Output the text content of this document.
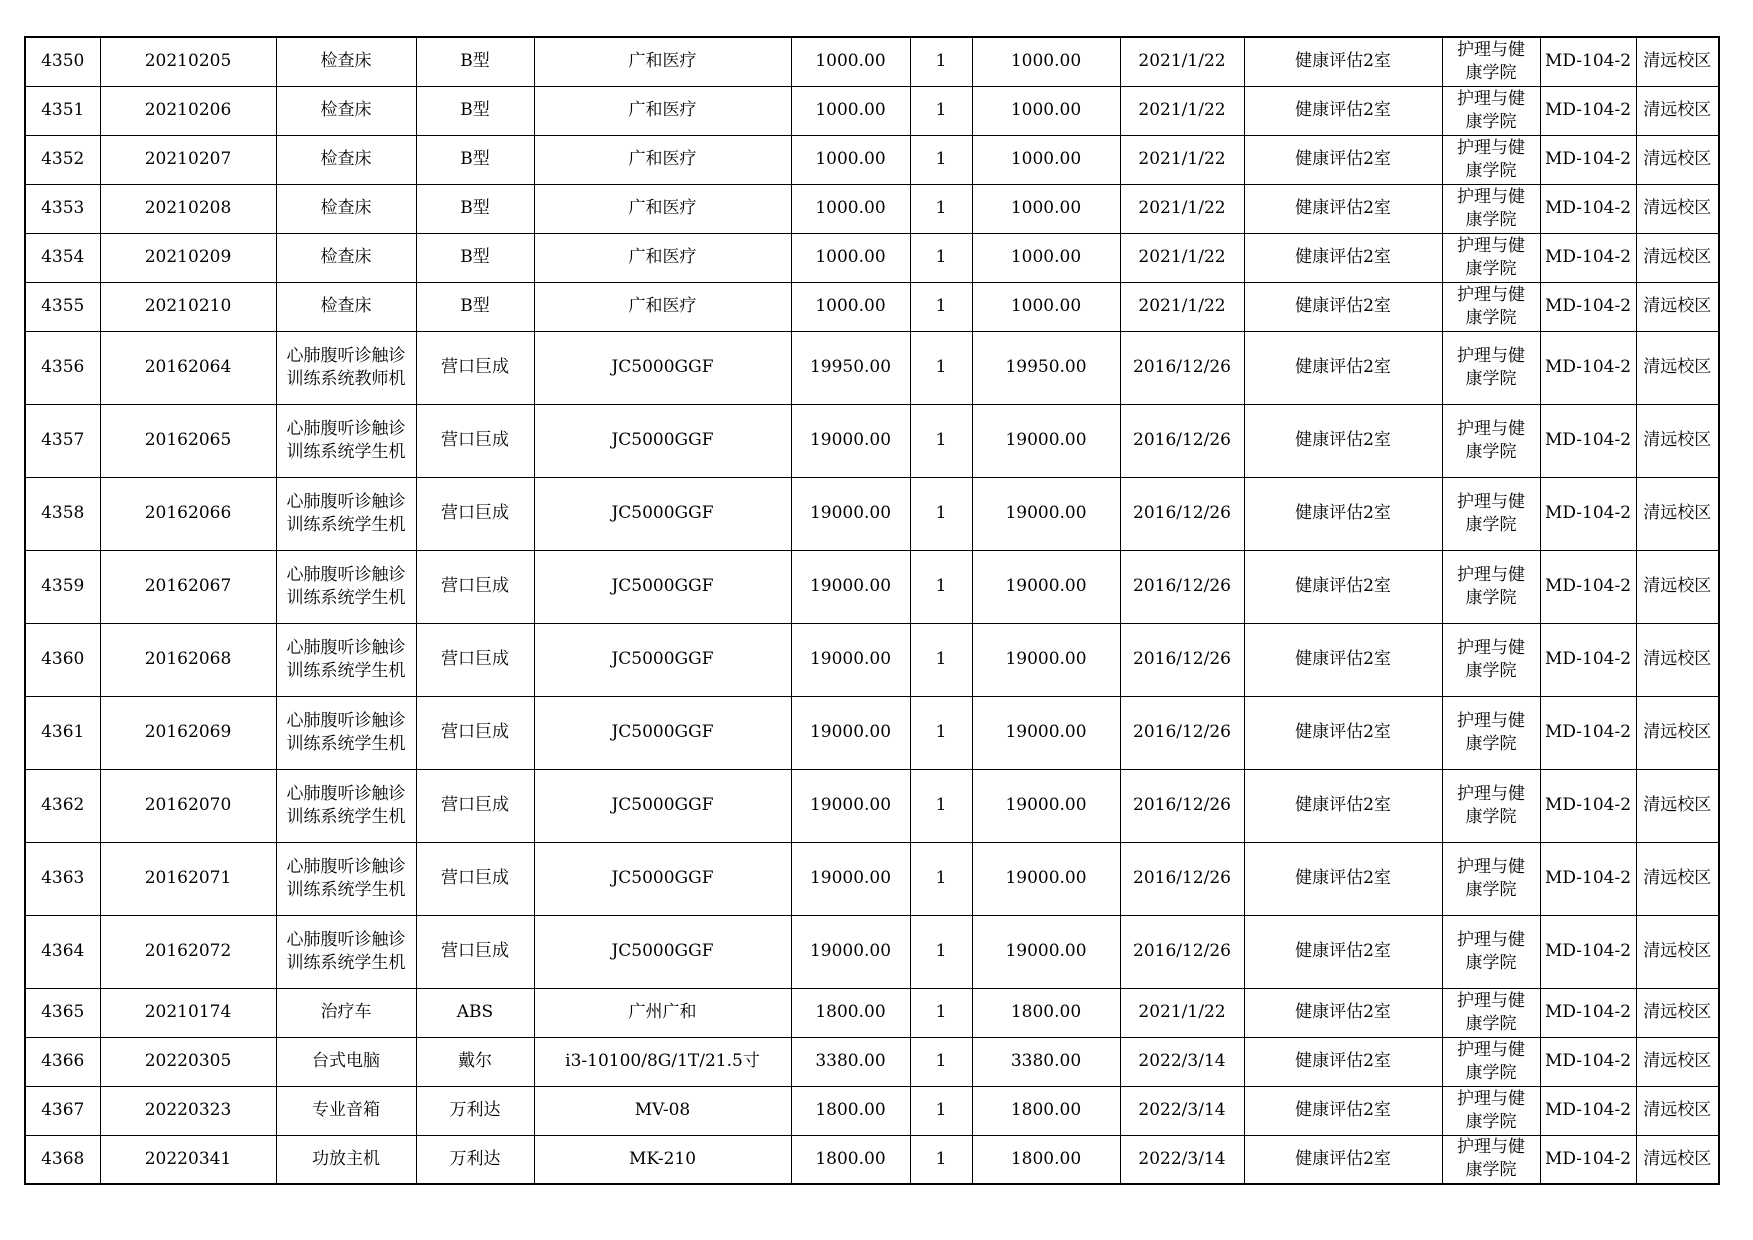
4350	20210205	检查床	B型	广和医疗	1000.00	1	1000.00	2021/1/22	健康评估2室	护理与健康学院	MD-104-2	清远校区
4351	20210206	检查床	B型	广和医疗	1000.00	1	1000.00	2021/1/22	健康评估2室	护理与健康学院	MD-104-2	清远校区
4352	20210207	检查床	B型	广和医疗	1000.00	1	1000.00	2021/1/22	健康评估2室	护理与健康学院	MD-104-2	清远校区
4353	20210208	检查床	B型	广和医疗	1000.00	1	1000.00	2021/1/22	健康评估2室	护理与健康学院	MD-104-2	清远校区
4354	20210209	检查床	B型	广和医疗	1000.00	1	1000.00	2021/1/22	健康评估2室	护理与健康学院	MD-104-2	清远校区
4355	20210210	检查床	B型	广和医疗	1000.00	1	1000.00	2021/1/22	健康评估2室	护理与健康学院	MD-104-2	清远校区
4356	20162064	心肺腹听诊触诊训练系统教师机	营口巨成	JC5000GGF	19950.00	1	19950.00	2016/12/26	健康评估2室	护理与健康学院	MD-104-2	清远校区
4357	20162065	心肺腹听诊触诊训练系统学生机	营口巨成	JC5000GGF	19000.00	1	19000.00	2016/12/26	健康评估2室	护理与健康学院	MD-104-2	清远校区
4358	20162066	心肺腹听诊触诊训练系统学生机	营口巨成	JC5000GGF	19000.00	1	19000.00	2016/12/26	健康评估2室	护理与健康学院	MD-104-2	清远校区
4359	20162067	心肺腹听诊触诊训练系统学生机	营口巨成	JC5000GGF	19000.00	1	19000.00	2016/12/26	健康评估2室	护理与健康学院	MD-104-2	清远校区
4360	20162068	心肺腹听诊触诊训练系统学生机	营口巨成	JC5000GGF	19000.00	1	19000.00	2016/12/26	健康评估2室	护理与健康学院	MD-104-2	清远校区
4361	20162069	心肺腹听诊触诊训练系统学生机	营口巨成	JC5000GGF	19000.00	1	19000.00	2016/12/26	健康评估2室	护理与健康学院	MD-104-2	清远校区
4362	20162070	心肺腹听诊触诊训练系统学生机	营口巨成	JC5000GGF	19000.00	1	19000.00	2016/12/26	健康评估2室	护理与健康学院	MD-104-2	清远校区
4363	20162071	心肺腹听诊触诊训练系统学生机	营口巨成	JC5000GGF	19000.00	1	19000.00	2016/12/26	健康评估2室	护理与健康学院	MD-104-2	清远校区
4364	20162072	心肺腹听诊触诊训练系统学生机	营口巨成	JC5000GGF	19000.00	1	19000.00	2016/12/26	健康评估2室	护理与健康学院	MD-104-2	清远校区
4365	20210174	治疗车	ABS	广州广和	1800.00	1	1800.00	2021/1/22	健康评估2室	护理与健康学院	MD-104-2	清远校区
4366	20220305	台式电脑	戴尔	i3-10100/8G/1T/21.5寸	3380.00	1	3380.00	2022/3/14	健康评估2室	护理与健康学院	MD-104-2	清远校区
4367	20220323	专业音箱	万利达	MV-08	1800.00	1	1800.00	2022/3/14	健康评估2室	护理与健康学院	MD-104-2	清远校区
4368	20220341	功放主机	万利达	MK-210	1800.00	1	1800.00	2022/3/14	健康评估2室	护理与健康学院	MD-104-2	清远校区
